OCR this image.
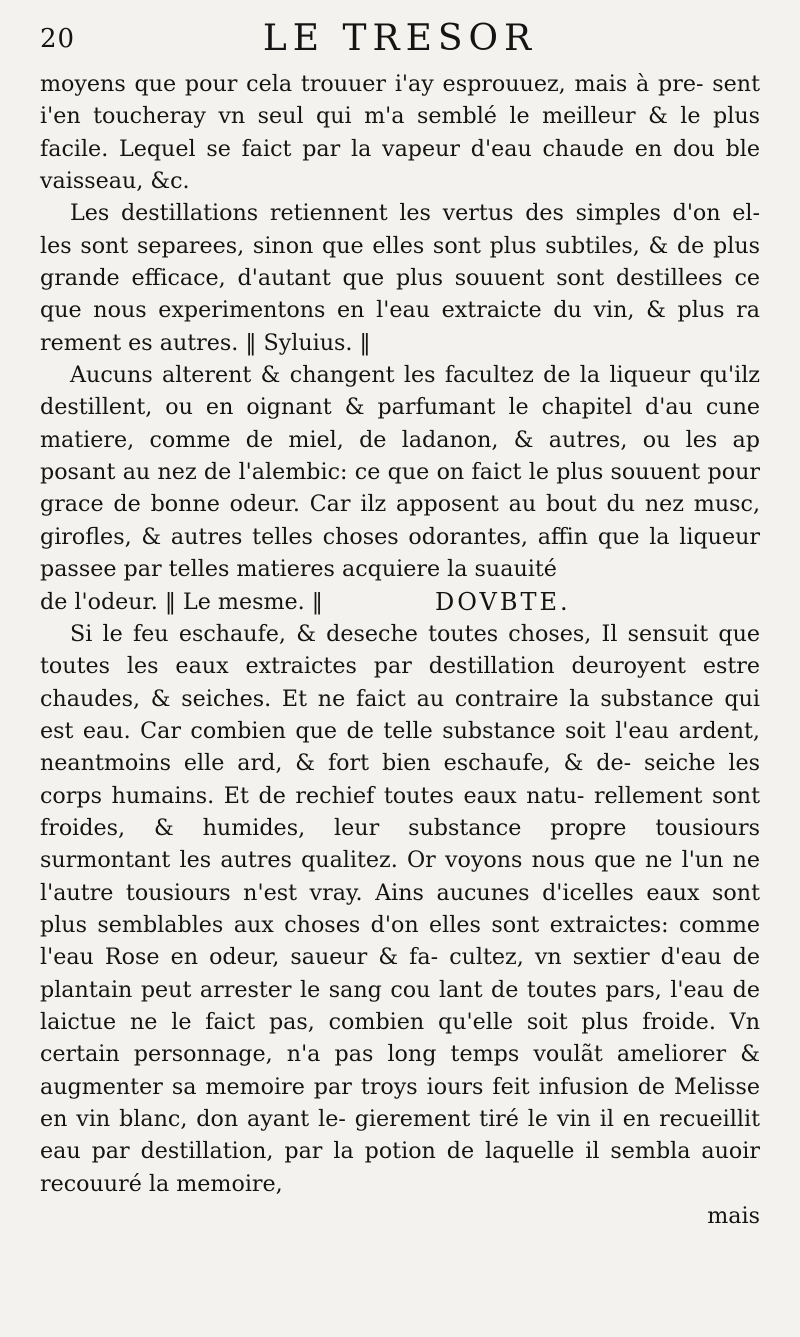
20	LE TRESOR

moyens que pour cela trouuer i'ay esprouuez, mais à pre- sent i'en toucheray vn seul qui m'a semblé le meilleur & le plus facile. Lequel se faict par la vapeur d'eau chaude en dou ble vaisseau, &c.

Les destillations retiennent les vertus des simples d'on el- les sont separees, sinon que elles sont plus subtiles, & de plus grande efficace, d'autant que plus souuent sont destillees ce que nous experimentons en l'eau extraicte du vin, & plus ra rement es autres. ‖ Syluius. ‖

Aucuns alterent & changent les facultez de la liqueur qu'ilz destillent, ou en oignant & parfumant le chapitel d'au cune matiere, comme de miel, de ladanon, & autres, ou les ap posant au nez de l'alembic: ce que on faict le plus souuent pour grace de bonne odeur. Car ilz apposent au bout du nez musc, girofles, & autres telles choses odorantes, affin que la liqueur passee par telles matieres acquiere la suauité

de l'odeur. ‖ Le mesme. ‖	DOVBTE.

Si le feu eschaufe, & deseche toutes choses, Il sensuit que toutes les eaux extraictes par destillation deuroyent estre chaudes, & seiches. Et ne faict au contraire la substance qui est eau. Car combien que de telle substance soit l'eau ardent, neantmoins elle ard, & fort bien eschaufe, & de- seiche les corps humains. Et de rechief toutes eaux natu- rellement sont froides, & humides, leur substance propre tousiours surmontant les autres qualitez. Or voyons nous que ne l'un ne l'autre tousiours n'est vray. Ains aucunes d'icelles eaux sont plus semblables aux choses d'on elles sont extraictes: comme l'eau Rose en odeur, saueur & fa- cultez, vn sextier d'eau de plantain peut arrester le sang cou lant de toutes pars, l'eau de laictue ne le faict pas, combien qu'elle soit plus froide. Vn certain personnage, n'a pas long temps voulãt ameliorer & augmenter sa memoire par troys iours feit infusion de Melisse en vin blanc, don ayant le- gierement tiré le vin il en recueillit eau par destillation, par la potion de laquelle il sembla auoir recouuré la memoire,

mais
